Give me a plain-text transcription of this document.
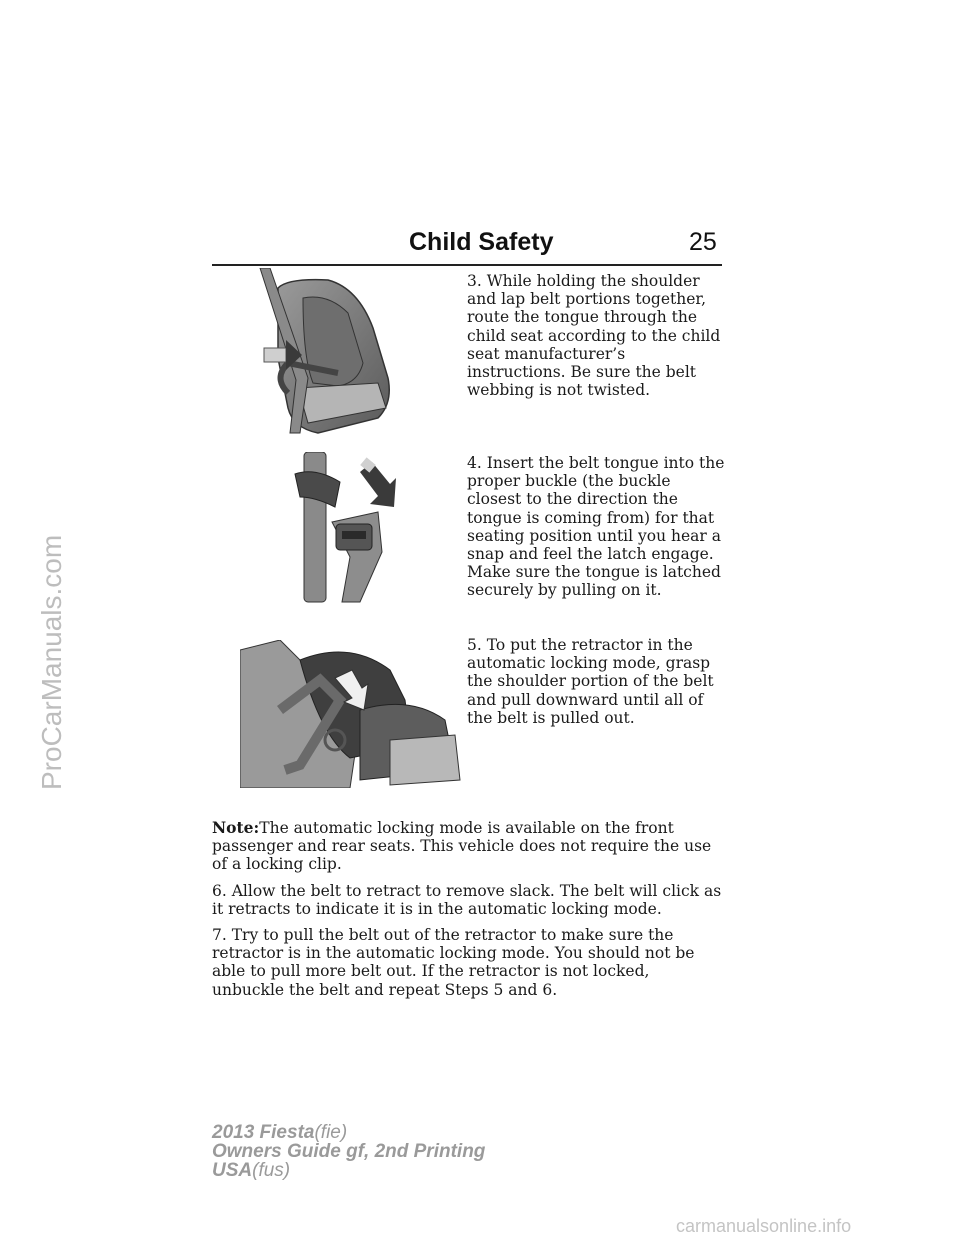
Child Safety	25
3. While holding the shoulder and lap belt portions together, route the tongue through the child seat according to the child seat manufacturer’s instructions. Be sure the belt webbing is not twisted.
4. Insert the belt tongue into the proper buckle (the buckle closest to the direction the tongue is coming from) for that seating position until you hear a snap and feel the latch engage. Make sure the tongue is latched securely by pulling on it.
5. To put the retractor in the automatic locking mode, grasp the shoulder portion of the belt and pull downward until all of the belt is pulled out.

Note:The automatic locking mode is available on the front passenger and rear seats. This vehicle does not require the use of a locking clip.

6. Allow the belt to retract to remove slack. The belt will click as it retracts to indicate it is in the automatic locking mode.

7. Try to pull the belt out of the retractor to make sure the retractor is in the automatic locking mode. You should not be able to pull more belt out. If the retractor is not locked, unbuckle the belt and repeat Steps 5 and 6.

2013 Fiesta(fie)
Owners Guide gf, 2nd Printing
USA(fus)
ProCarManuals.com
carmanualsonline.info
